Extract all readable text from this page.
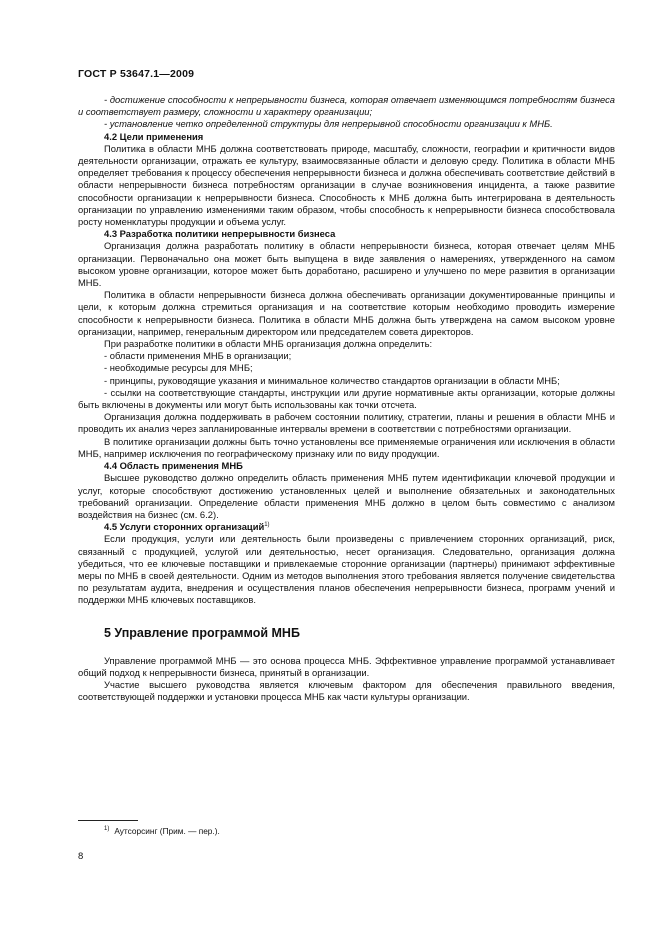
ГОСТ Р 53647.1—2009

- достижение способности к непрерывности бизнеса, которая отвечает изменяющимся потребностям бизнеса и соответствует размеру, сложности и характеру организации;

- установление четко определенной структуры для непрерывной способности организации к МНБ.

4.2 Цели применения

Политика в области МНБ должна соответствовать природе, масштабу, сложности, географии и критичности видов деятельности организации, отражать ее культуру, взаимосвязанные области и деловую среду. Политика в области МНБ определяет требования к процессу обеспечения непрерывности бизнеса и должна обеспечивать соответствие действий в области непрерывности бизнеса потребностям организации в случае возникновения инцидента, а также развитие способности организации к непрерывности бизнеса. Способность к МНБ должна быть интегрирована в деятельность организации по управлению изменениями таким образом, чтобы способность к непрерывности бизнеса способствовала росту номенклатуры продукции и объема услуг.

4.3 Разработка политики непрерывности бизнеса

Организация должна разработать политику в области непрерывности бизнеса, которая отвечает целям МНБ организации. Первоначально она может быть выпущена в виде заявления о намерениях, утвержденного на самом высоком уровне организации, которое может быть доработано, расширено и улучшено по мере развития в организации МНБ.

Политика в области непрерывности бизнеса должна обеспечивать организации документированные принципы и цели, к которым должна стремиться организация и на соответствие которым необходимо проводить измерение способности к непрерывности бизнеса. Политика в области МНБ должна быть утверждена на самом высоком уровне организации, например, генеральным директором или председателем совета директоров.

При разработке политики в области МНБ организация должна определить:

- области применения МНБ в организации;

- необходимые ресурсы для МНБ;

- принципы, руководящие указания и минимальное количество стандартов организации в области МНБ;

- ссылки на соответствующие стандарты, инструкции или другие нормативные акты организации, которые должны быть включены в документы или могут быть использованы как точки отсчета.

Организация должна поддерживать в рабочем состоянии политику, стратегии, планы и решения в области МНБ и проводить их анализ через запланированные интервалы времени в соответствии с потребностями организации.

В политике организации должны быть точно установлены все применяемые ограничения или исключения в области МНБ, например исключения по географическому признаку или по виду продукции.

4.4 Область применения МНБ

Высшее руководство должно определить область применения МНБ путем идентификации ключевой продукции и услуг, которые способствуют достижению установленных целей и выполнение обязательных и законодательных требований организации. Определение области применения МНБ должно в целом быть совместимо с анализом воздействия на бизнес (см. 6.2).

4.5 Услуги сторонних организаций$^{1)}$

Если продукция, услуги или деятельность были произведены с привлечением сторонних организаций, риск, связанный с продукцией, услугой или деятельностью, несет организация. Следовательно, организация должна убедиться, что ее ключевые поставщики и привлекаемые сторонние организации (партнеры) принимают эффективные меры по МНБ в своей деятельности. Одним из методов выполнения этого требования является получение свидетельства по результатам аудита, внедрения и осуществления планов обеспечения непрерывности бизнеса, программ учений и поддержки МНБ ключевых поставщиков.

5 Управление программой МНБ

Управление программой МНБ — это основа процесса МНБ. Эффективное управление программой устанавливает общий подход к непрерывности бизнеса, принятый в организации.

Участие высшего руководства является ключевым фактором для обеспечения правильного введения, соответствующей поддержки и установки процесса МНБ как части культуры организации.

$^{1)}$ Аутсорсинг (Прим. — пер.).
8
